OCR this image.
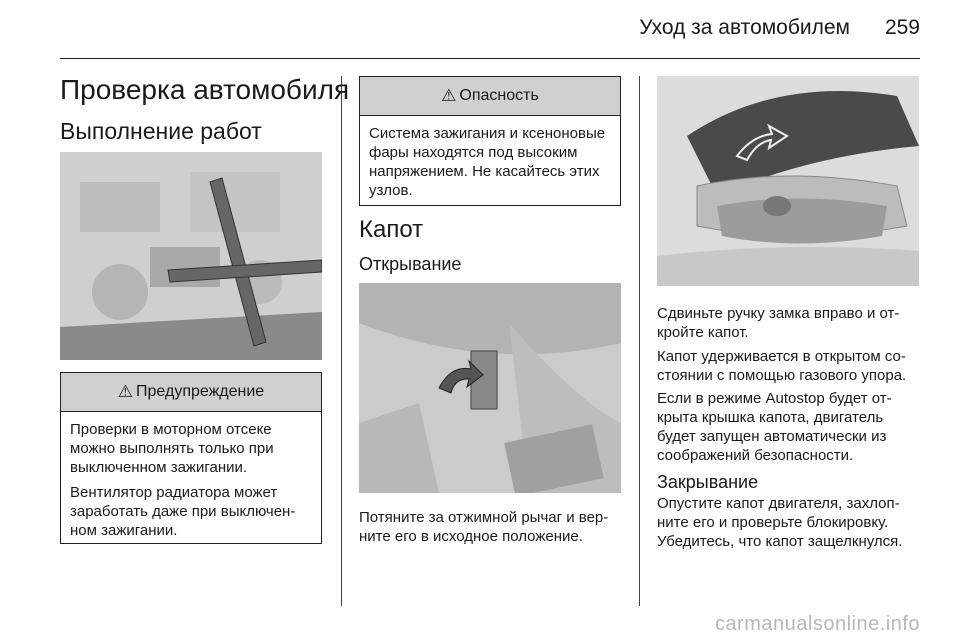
Уход за автомобилем 259
Проверка автомобиля
Выполнение работ
⚠ Предупреждение

Проверки в моторном отсеке можно выполнять только при выключенном зажигании.

Вентилятор радиатора может заработать даже при выключенном зажигании.

⚠ Опасность

Система зажигания и ксеноновые фары находятся под высоким напряжением. Не касайтесь этих узлов.

Капот
Открывание
Потяните за отжимной рычаг и верните его в исходное положение.
Сдвиньте ручку замка вправо и откройте капот.
Капот удерживается в открытом состоянии с помощью газового упора.
Если в режиме Autostop будет открыта крышка капота, двигатель будет запущен автоматически из соображений безопасности.
Закрывание
Опустите капот двигателя, захлопните его и проверьте блокировку. Убедитесь, что капот защелкнулся.
carmanualsonline.info
